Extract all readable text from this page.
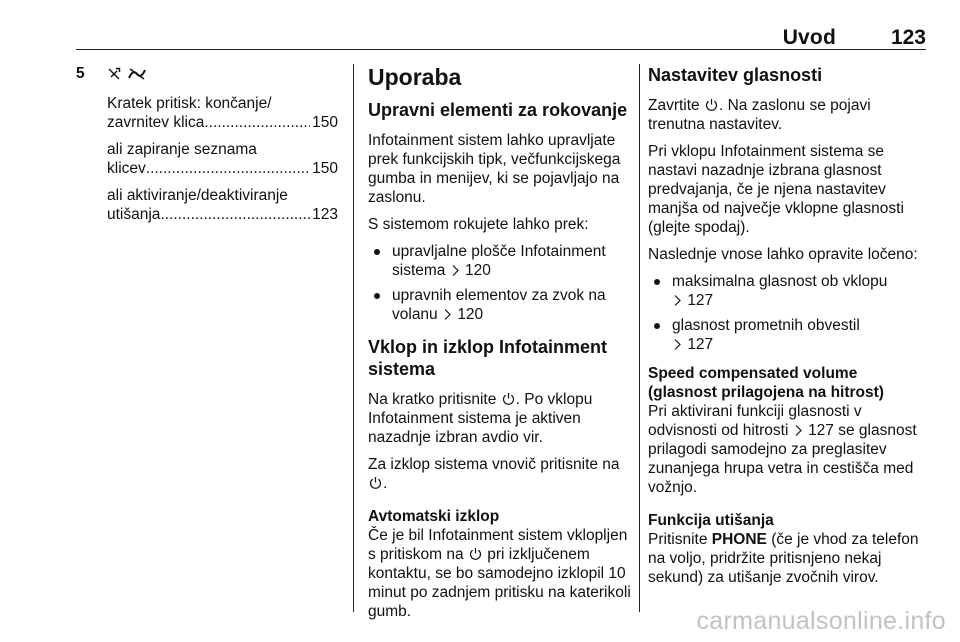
Uvod	123
5

Kratek pritisk: končanje/

zavrnitev klica .....	150

ali zapiranje seznama

klicev .....	150

ali aktiviranje/deaktiviranje

utišanja .....	123

Uporaba
Upravni elementi za rokovanje

Infotainment sistem lahko upravljate prek funkcijskih tipk, večfunkcijskega gumba in menijev, ki se pojavljajo na zaslonu.

S sistemom rokujete lahko prek:

upravljalne plošče Infotainment sistema 120
upravnih elementov za zvok na volanu 120
Vklop in izklop Infotainment sistema

Na kratko pritisnite . Po vklopu Infotainment sistema je aktiven nazadnje izbran avdio vir.

Za izklop sistema vnovič pritisnite na .

Avtomatski izklop

Če je bil Infotainment sistem vklopljen s pritiskom na pri izključenem kontaktu, se bo samodejno izklopil 10 minut po zadnjem pritisku na katerikoli gumb.

Nastavitev glasnosti

Zavrtite . Na zaslonu se pojavi trenutna nastavitev.

Pri vklopu Infotainment sistema se nastavi nazadnje izbrana glasnost predvajanja, če je njena nastavitev manjša od največje vklopne glasnosti (glejte spodaj).

Naslednje vnose lahko opravite ločeno:

maksimalna glasnost ob vklopu
127
glasnost prometnih obvestil
127
Speed compensated volume (glasnost prilagojena na hitrost)

Pri aktivirani funkciji glasnosti v odvisnosti od hitrosti 127 se glasnost prilagodi samodejno za preglasitev zunanjega hrupa vetra in cestišča med vožnjo.

Funkcija utišanja

Pritisnite PHONE (če je vhod za telefon na voljo, pridržite pritisnjeno nekaj sekund) za utišanje zvočnih virov.

carmanualsonline.info
